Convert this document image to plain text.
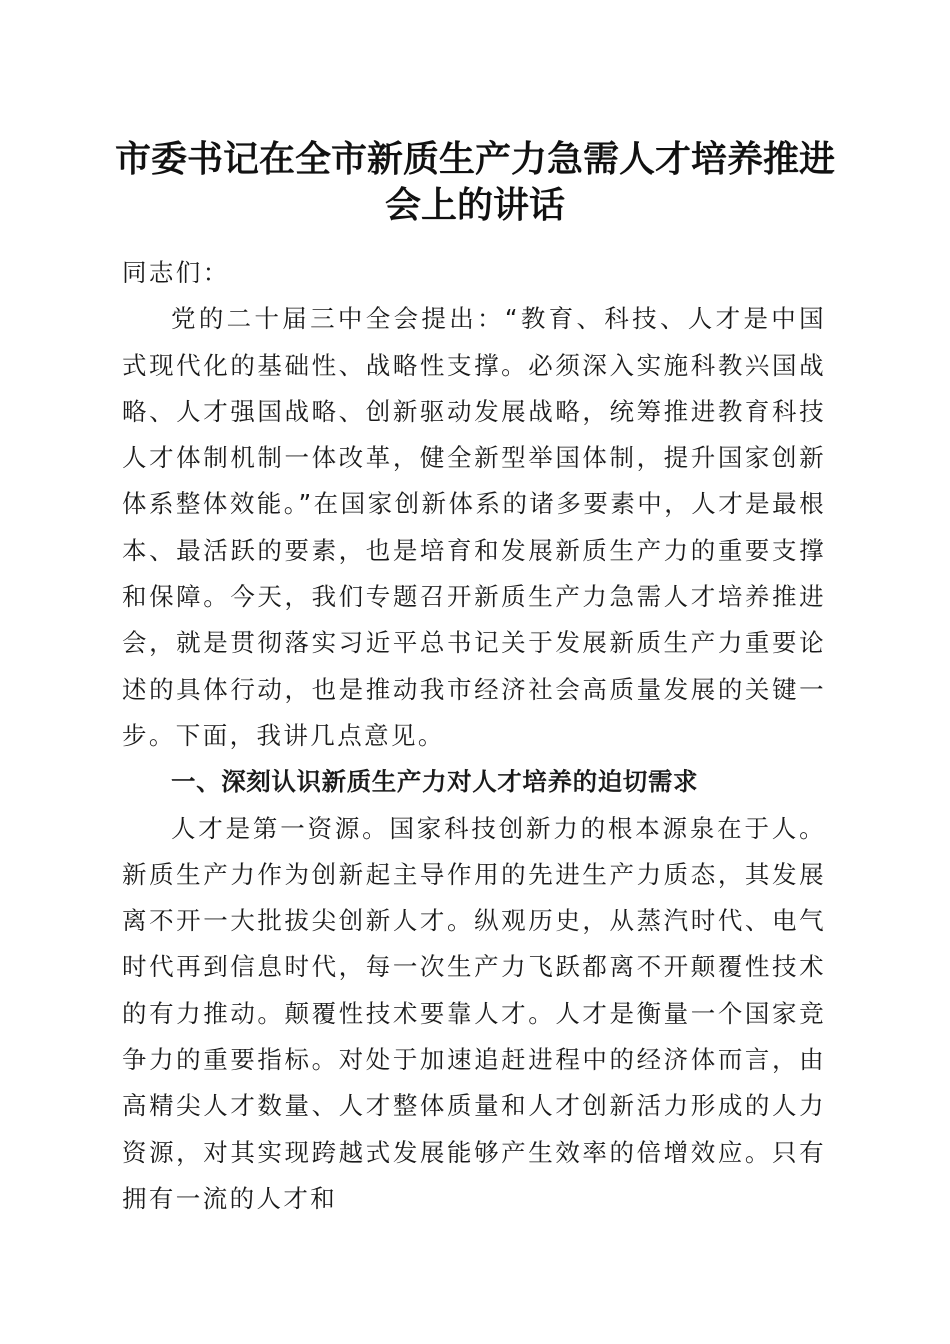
市委书记在全市新质生产力急需人才培养推进会上的讲话

同志们：

党的二十届三中全会提出：“教育、科技、人才是中国式现代化的基础性、战略性支撑。必须深入实施科教兴国战略、人才强国战略、创新驱动发展战略，统筹推进教育科技人才体制机制一体改革，健全新型举国体制，提升国家创新体系整体效能。”在国家创新体系的诸多要素中，人才是最根本、最活跃的要素，也是培育和发展新质生产力的重要支撑和保障。今天，我们专题召开新质生产力急需人才培养推进会，就是贯彻落实习近平总书记关于发展新质生产力重要论述的具体行动，也是推动我市经济社会高质量发展的关键一步。下面，我讲几点意见。

一、深刻认识新质生产力对人才培养的迫切需求

人才是第一资源。国家科技创新力的根本源泉在于人。新质生产力作为创新起主导作用的先进生产力质态，其发展离不开一大批拔尖创新人才。纵观历史，从蒸汽时代、电气时代再到信息时代，每一次生产力飞跃都离不开颠覆性技术的有力推动。颠覆性技术要靠人才。人才是衡量一个国家竞争力的重要指标。对处于加速追赶进程中的经济体而言，由高精尖人才数量、人才整体质量和人才创新活力形成的人力资源，对其实现跨越式发展能够产生效率的倍增效应。只有拥有一流的人才和
